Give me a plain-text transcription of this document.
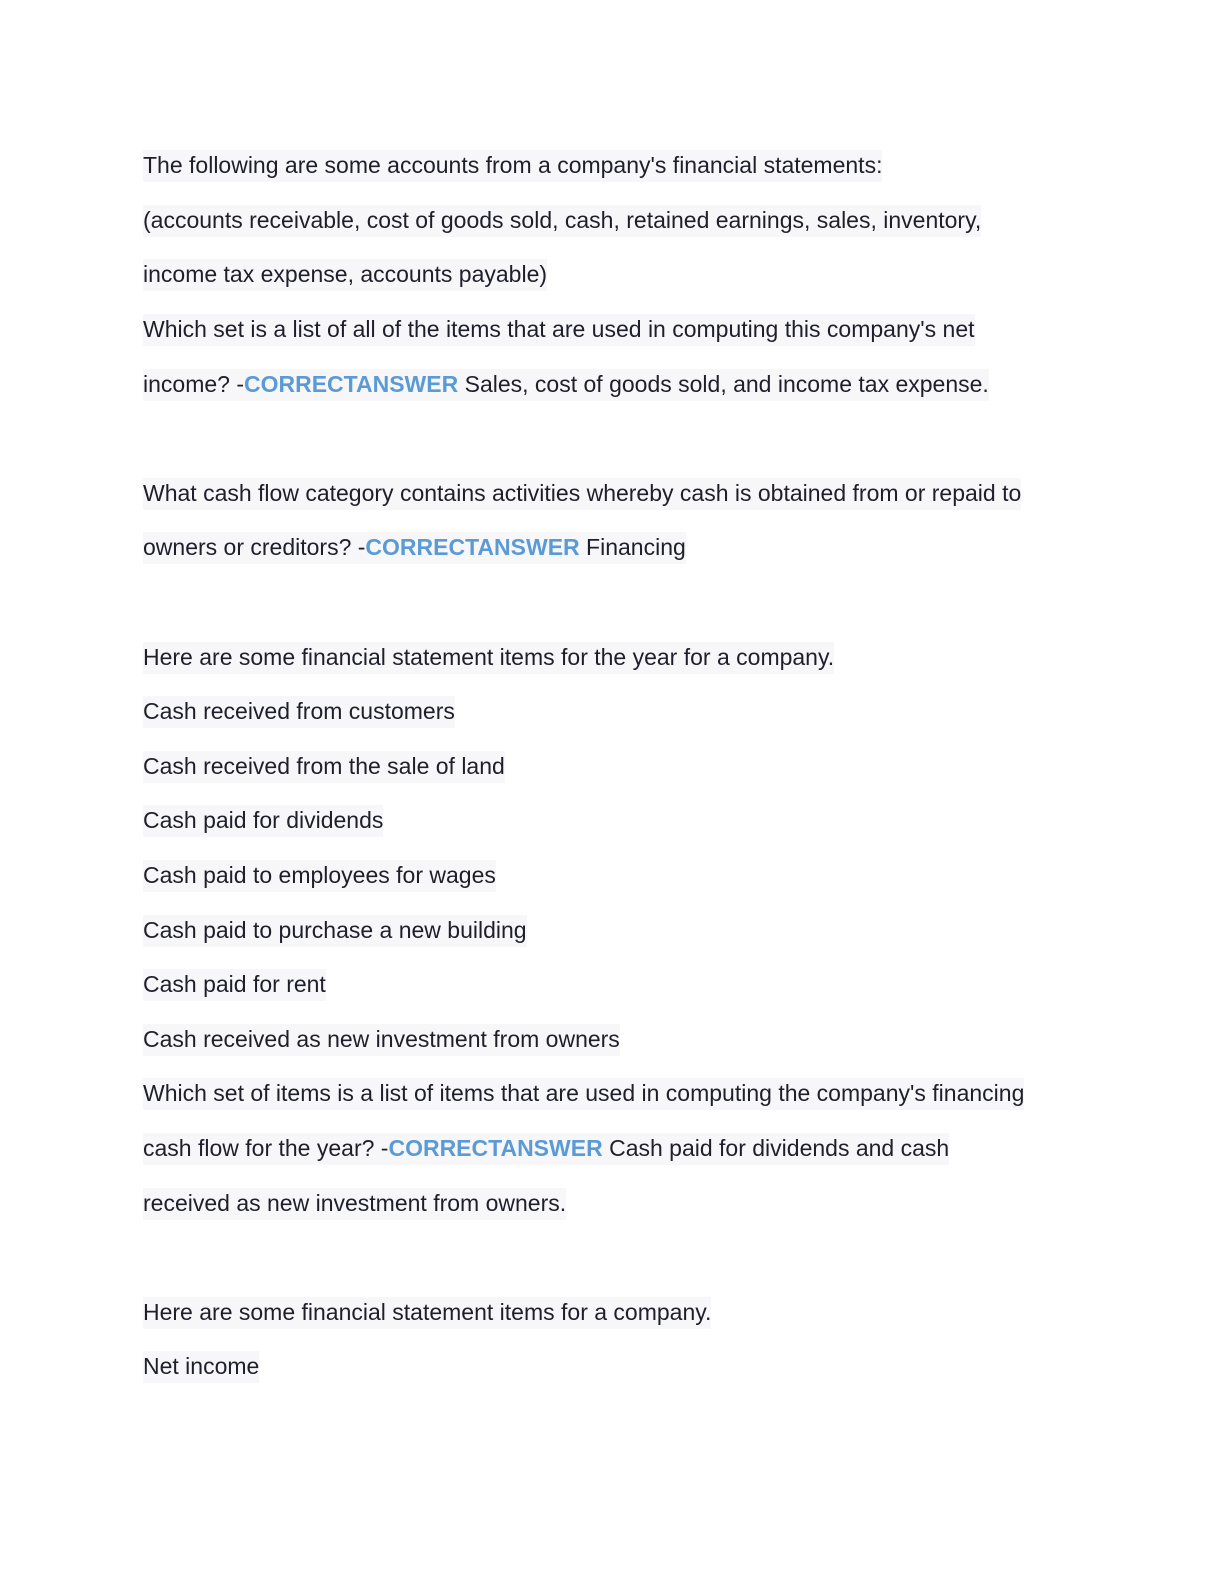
The following are some accounts from a company's financial statements:
(accounts receivable, cost of goods sold, cash, retained earnings, sales, inventory,
income tax expense, accounts payable)
Which set is a list of all of the items that are used in computing this company's net
income? -CORRECTANSWER Sales, cost of goods sold, and income tax expense.
What cash flow category contains activities whereby cash is obtained from or repaid to
owners or creditors? -CORRECTANSWER Financing
Here are some financial statement items for the year for a company.
Cash received from customers
Cash received from the sale of land
Cash paid for dividends
Cash paid to employees for wages
Cash paid to purchase a new building
Cash paid for rent
Cash received as new investment from owners
Which set of items is a list of items that are used in computing the company's financing
cash flow for the year? -CORRECTANSWER Cash paid for dividends and cash
received as new investment from owners.
Here are some financial statement items for a company.
Net income
